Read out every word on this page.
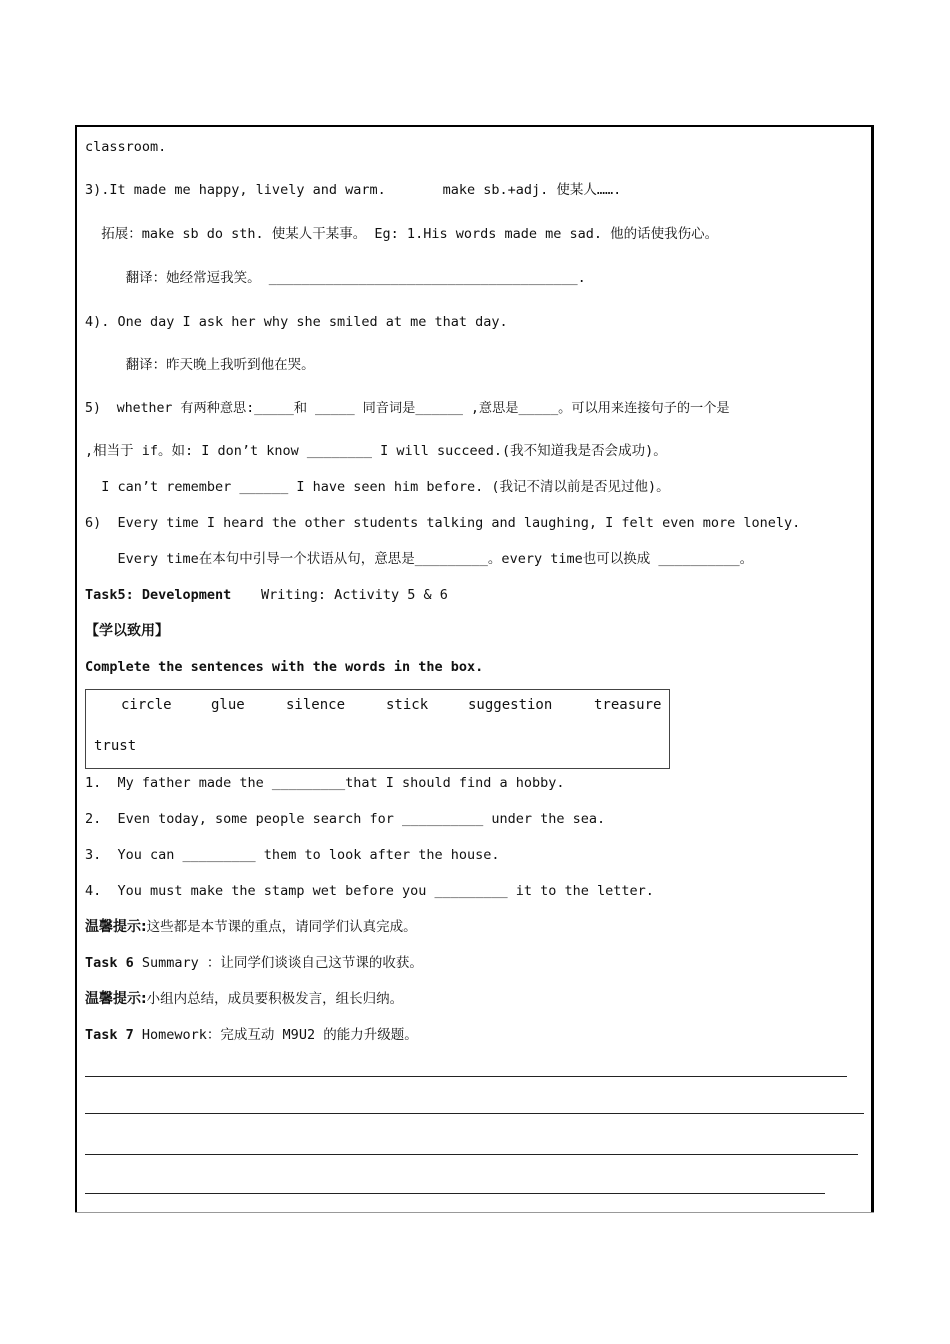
classroom.
3).It made me happy, lively and warm.       make sb.+adj. 使某人…….
拓展：make sb do sth. 使某人干某事。 Eg: 1.His words made me sad. 他的话使我伤心。
翻译：她经常逗我笑。 ______________________________________.
4). One day I ask her why she smiled at me that day.
翻译：昨天晚上我听到他在哭。
5)  whether 有两种意思:_____和 _____ 同音词是______ ,意思是_____。可以用来连接句子的一个是
,相当于 if。如: I don’t know ________ I will succeed.(我不知道我是否会成功)。
I can’t remember ______ I have seen him before. (我记不清以前是否见过他)。
6)  Every time I heard the other students talking and laughing, I felt even more lonely.
Every time在本句中引导一个状语从句，意思是_________。every time也可以换成 __________。
Task5: Development Writing: Activity 5 & 6
【学以致用】
Complete the sentences with the words in the box.
circle	glue	silence	stick	suggestion	treasure
trust
1.  My father made the _________that I should find a hobby.
2.  Even today, some people search for __________ under the sea.
3.  You can _________ them to look after the house.
4.  You must make the stamp wet before you _________ it to the letter.
温馨提示:这些都是本节课的重点，请同学们认真完成。
Task 6 Summary ：让同学们谈谈自己这节课的收获。
温馨提示:小组内总结，成员要积极发言，组长归纳。
Task 7 Homework：完成互动 M9U2 的能力升级题。
